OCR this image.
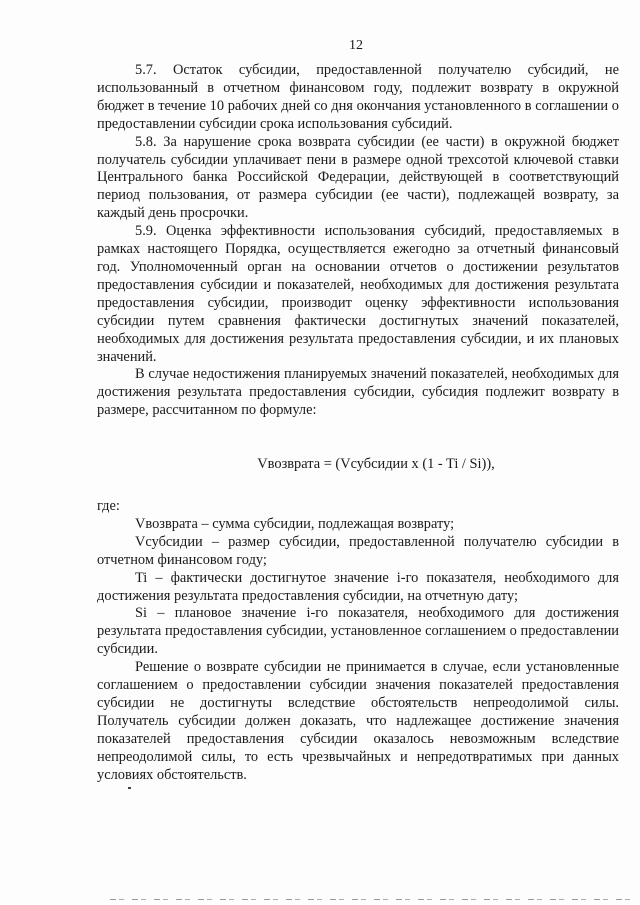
12

5.7. Остаток субсидии, предоставленной получателю субсидий, не использованный в отчетном финансовом году, подлежит возврату в окружной бюджет в течение 10 рабочих дней со дня окончания установленного в соглашении о предоставлении субсидии срока использования субсидий.

5.8. За нарушение срока возврата субсидии (ее части) в окружной бюджет получатель субсидии уплачивает пени в размере одной трехсотой ключевой ставки Центрального банка Российской Федерации, действующей в соответствующий период пользования, от размера субсидии (ее части), подлежащей возврату, за каждый день просрочки.

5.9. Оценка эффективности использования субсидий, предоставляемых в рамках настоящего Порядка, осуществляется ежегодно за отчетный финансовый год. Уполномоченный орган на основании отчетов о достижении результатов предоставления субсидии и показателей, необходимых для достижения результата предоставления субсидии, производит оценку эффективности использования субсидии путем сравнения фактически достигнутых значений показателей, необходимых для достижения результата предоставления субсидии, и их плановых значений.

В случае недостижения планируемых значений показателей, необходимых для достижения результата предоставления субсидии, субсидия подлежит возврату в размере, рассчитанном по формуле:

Vвозврата = (Vсубсидии x (1 - Ti / Si)),

где:

Vвозврата – сумма субсидии, подлежащая возврату;

Vсубсидии – размер субсидии, предоставленной получателю субсидии в отчетном финансовом году;

Ti – фактически достигнутое значение i-го показателя, необходимого для достижения результата предоставления субсидии, на отчетную дату;

Si – плановое значение i-го показателя, необходимого для достижения результата предоставления субсидии, установленное соглашением о предоставлении субсидии.

Решение о возврате субсидии не принимается в случае, если установленные соглашением о предоставлении субсидии значения показателей предоставления субсидии не достигнуты вследствие обстоятельств непреодолимой силы. Получатель субсидии должен доказать, что надлежащее достижение значения показателей предоставления субсидии оказалось невозможным вследствие непреодолимой силы, то есть чрезвычайных и непредотвратимых при данных условиях обстоятельств.
